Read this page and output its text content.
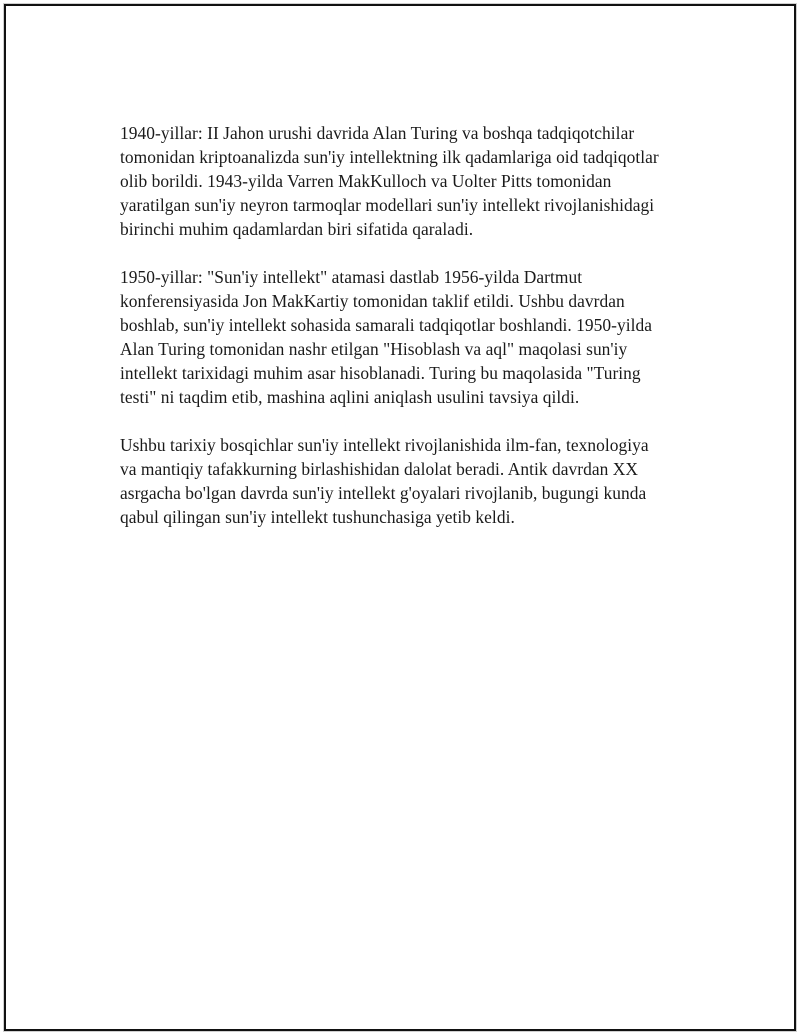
1940-yillar: II Jahon urushi davrida Alan Turing va boshqa tadqiqotchilar
tomonidan kriptoanalizda sun'iy intellektning ilk qadamlariga oid tadqiqotlar
olib borildi. 1943-yilda Varren MakKulloch va Uolter Pitts tomonidan
yaratilgan sun'iy neyron tarmoqlar modellari sun'iy intellekt rivojlanishidagi
birinchi muhim qadamlardan biri sifatida qaraladi.

1950-yillar: "Sun'iy intellekt" atamasi dastlab 1956-yilda Dartmut
konferensiyasida Jon MakKartiy tomonidan taklif etildi. Ushbu davrdan
boshlab, sun'iy intellekt sohasida samarali tadqiqotlar boshlandi. 1950-yilda
Alan Turing tomonidan nashr etilgan "Hisoblash va aql" maqolasi sun'iy
intellekt tarixidagi muhim asar hisoblanadi. Turing bu maqolasida "Turing
testi" ni taqdim etib, mashina aqlini aniqlash usulini tavsiya qildi.

Ushbu tarixiy bosqichlar sun'iy intellekt rivojlanishida ilm-fan, texnologiya
va mantiqiy tafakkurning birlashishidan dalolat beradi. Antik davrdan XX
asrgacha bo'lgan davrda sun'iy intellekt g'oyalari rivojlanib, bugungi kunda
qabul qilingan sun'iy intellekt tushunchasiga yetib keldi.
